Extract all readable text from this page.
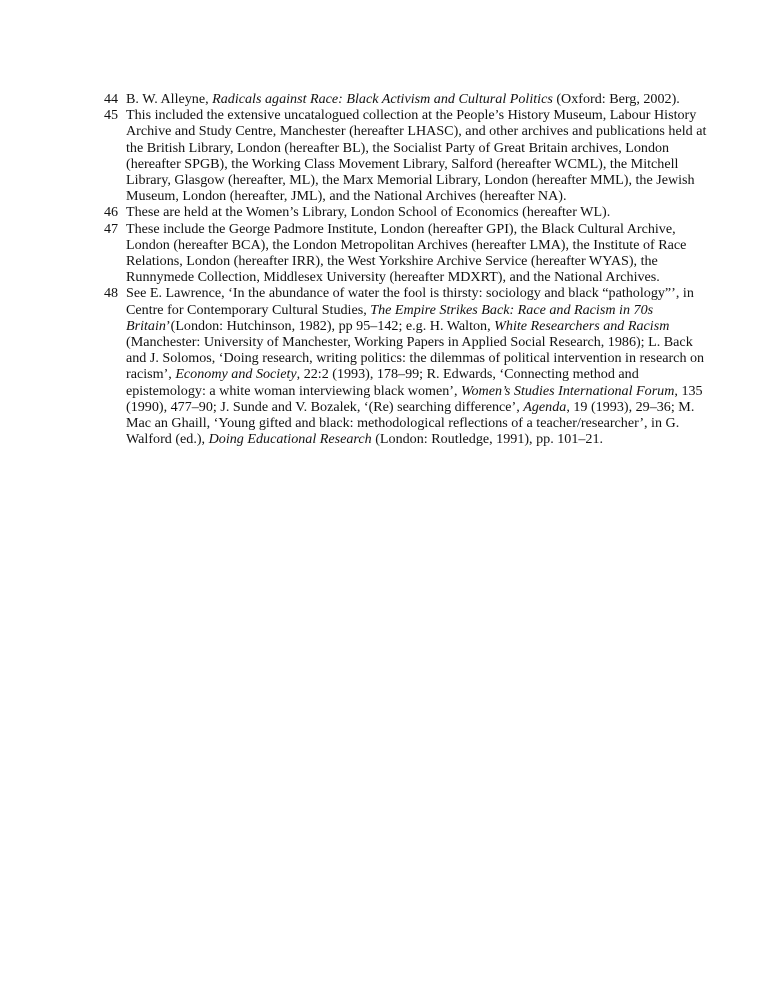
44 B. W. Alleyne, Radicals against Race: Black Activism and Cultural Politics (Oxford: Berg, 2002).
45 This included the extensive uncatalogued collection at the People’s History Museum, Labour History Archive and Study Centre, Manchester (hereafter LHASC), and other archives and publications held at the British Library, London (hereafter BL), the Socialist Party of Great Britain archives, London (hereafter SPGB), the Working Class Movement Library, Salford (hereafter WCML), the Mitchell Library, Glasgow (hereafter, ML), the Marx Memorial Library, London (hereafter MML), the Jewish Museum, London (hereafter, JML), and the National Archives (hereafter NA).
46 These are held at the Women’s Library, London School of Economics (hereafter WL).
47 These include the George Padmore Institute, London (hereafter GPI), the Black Cultural Archive, London (hereafter BCA), the London Metropolitan Archives (hereafter LMA), the Institute of Race Relations, London (hereafter IRR), the West Yorkshire Archive Service (hereafter WYAS), the Runnymede Collection, Middlesex University (hereafter MDXRT), and the National Archives.
48 See E. Lawrence, ‘In the abundance of water the fool is thirsty: sociology and black “pathology”’, in Centre for Contemporary Cultural Studies, The Empire Strikes Back: Race and Racism in 70s Britain’(London: Hutchinson, 1982), pp 95–142; e.g. H. Walton, White Researchers and Racism (Manchester: University of Manchester, Working Papers in Applied Social Research, 1986); L. Back and J. Solomos, ‘Doing research, writing politics: the dilemmas of political intervention in research on racism’, Economy and Society, 22:2 (1993), 178–99; R. Edwards, ‘Connecting method and epistemology: a white woman interviewing black women’, Women’s Studies International Forum, 135 (1990), 477–90; J. Sunde and V. Bozalek, ‘(Re) searching difference’, Agenda, 19 (1993), 29–36; M. Mac an Ghaill, ‘Young gifted and black: methodological reflections of a teacher/researcher’, in G. Walford (ed.), Doing Educational Research (London: Routledge, 1991), pp. 101–21.
